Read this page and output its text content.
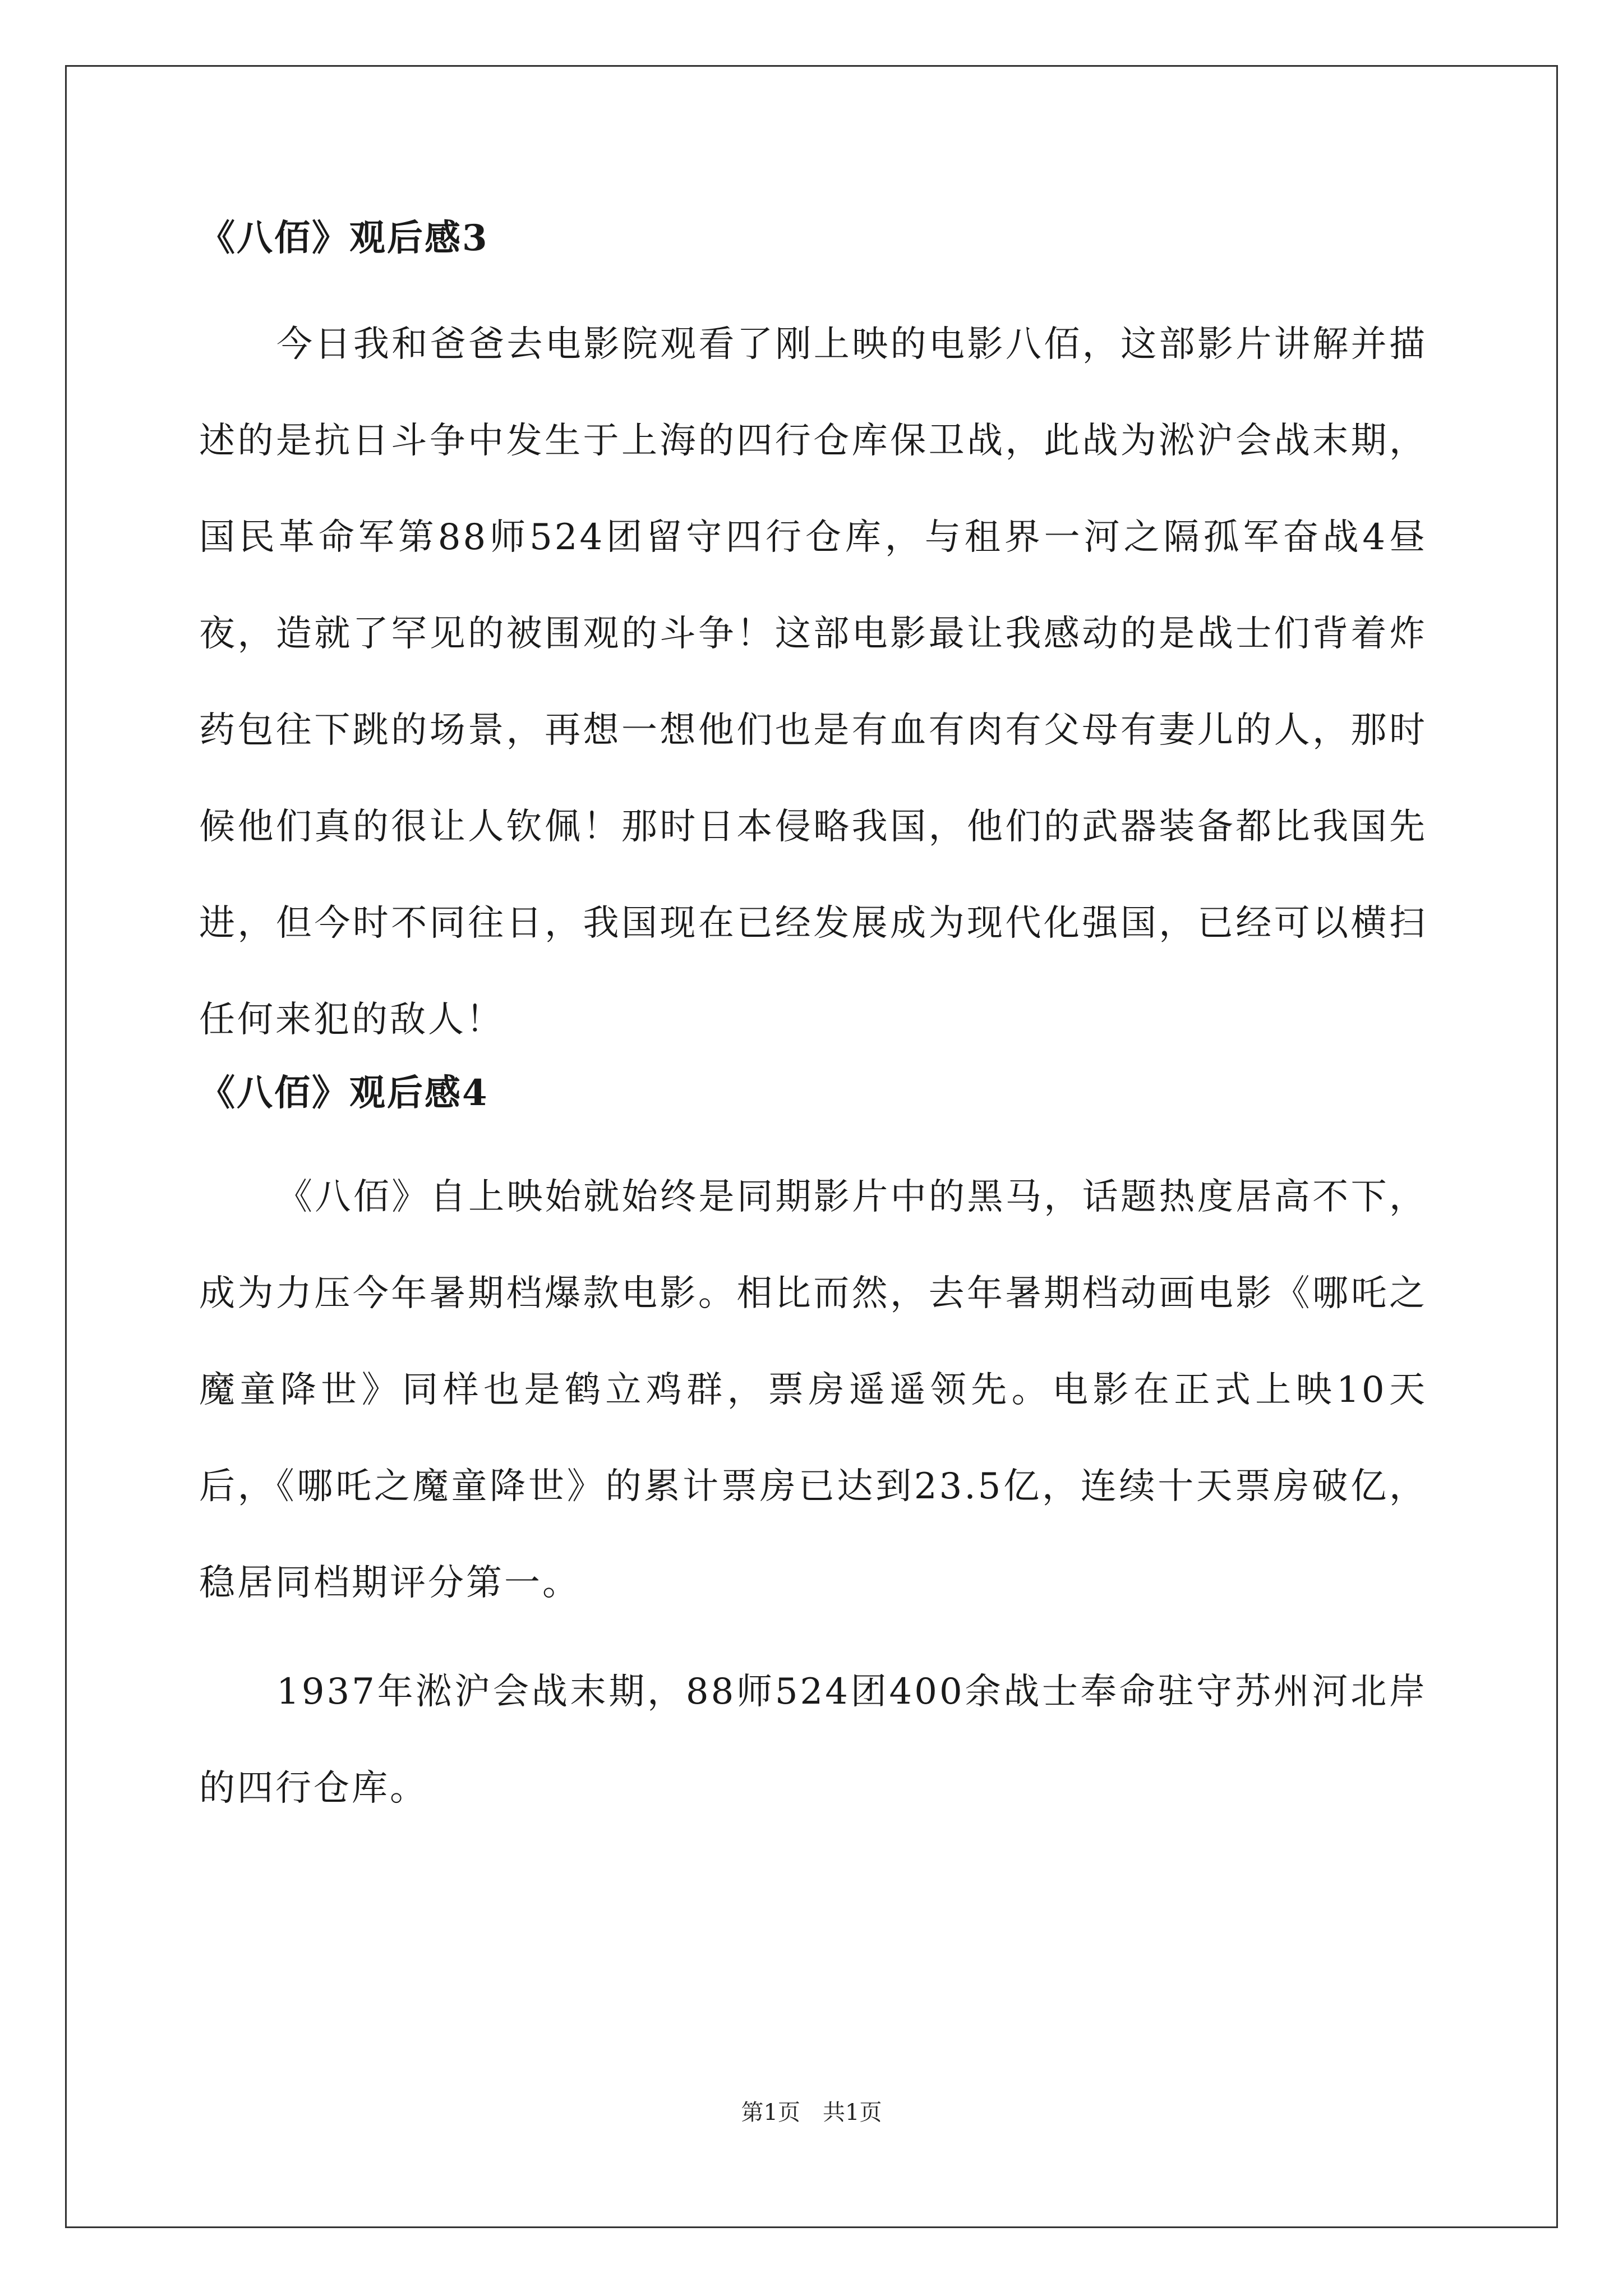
《八佰》观后感3

今日我和爸爸去电影院观看了刚上映的电影八佰，这部影片讲解并描述的是抗日斗争中发生于上海的四行仓库保卫战，此战为淞沪会战末期，国民革命军第88师524团留守四行仓库，与租界一河之隔孤军奋战4昼夜，造就了罕见的被围观的斗争！这部电影最让我感动的是战士们背着炸药包往下跳的场景，再想一想他们也是有血有肉有父母有妻儿的人，那时候他们真的很让人钦佩！那时日本侵略我国，他们的武器装备都比我国先进，但今时不同往日，我国现在已经发展成为现代化强国，已经可以横扫任何来犯的敌人！

《八佰》观后感4

《八佰》自上映始就始终是同期影片中的黑马，话题热度居高不下，成为力压今年暑期档爆款电影。相比而然，去年暑期档动画电影《哪吒之魔童降世》同样也是鹤立鸡群，票房遥遥领先。电影在正式上映10天后，《哪吒之魔童降世》的累计票房已达到23.5亿，连续十天票房破亿，稳居同档期评分第一。

1937年淞沪会战末期，88师524团400余战士奉命驻守苏州河北岸的四行仓库。

第1页　共1页
